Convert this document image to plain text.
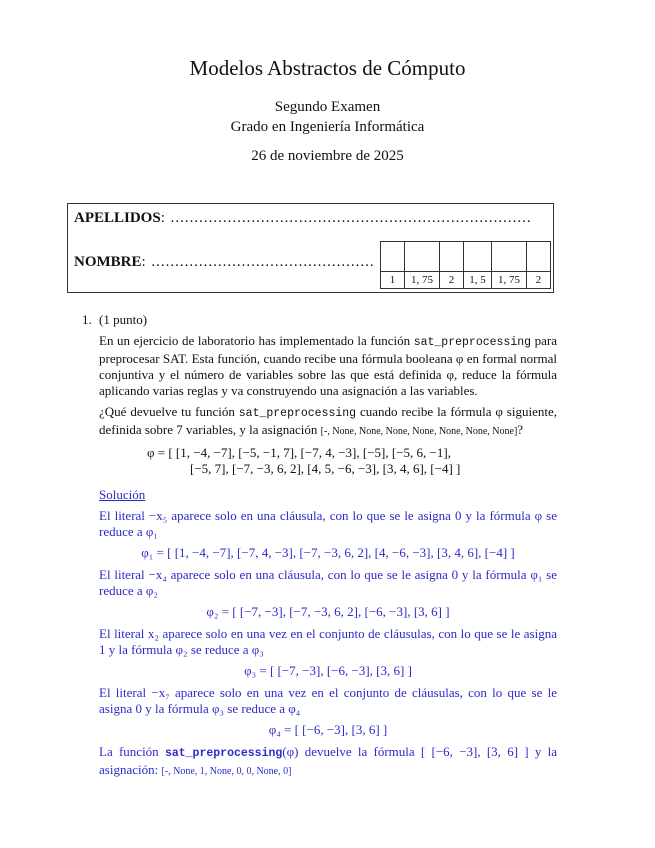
Modelos Abstractos de Cómputo
Segundo Examen
Grado en Ingeniería Informática
26 de noviembre de 2025
APELLIDOS: ............................................................................
NOMBRE: ...............................................

1	1, 75	2	1, 5	1, 75	2
1. (1 punto)

En un ejercicio de laboratorio has implementado la función sat_preprocessing para preprocesar SAT. Esta función, cuando recibe una fórmula booleana φ en formal normal conjuntiva y el número de variables sobre las que está definida φ, reduce la fórmula aplicando varias reglas y va construyendo una asignación a las variables.

¿Qué devuelve tu función sat_preprocessing cuando recibe la fórmula φ siguiente, definida sobre 7 variables, y la asignación [-, None, None, None, None, None, None, None]?

φ = [ [1, −4, −7], [−5, −1, 7], [−7, 4, −3], [−5], [−5, 6, −1],
[−5, 7], [−7, −3, 6, 2], [4, 5, −6, −3], [3, 4, 6], [−4] ]
Solución

El literal −x₅ aparece solo en una cláusula, con lo que se le asigna 0 y la fórmula φ se reduce a φ₁

φ₁ = [ [1, −4, −7], [−7, 4, −3], [−7, −3, 6, 2], [4, −6, −3], [3, 4, 6], [−4] ]

El literal −x₄ aparece solo en una cláusula, con lo que se le asigna 0 y la fórmula φ₁ se reduce a φ₂

φ₂ = [ [−7, −3], [−7, −3, 6, 2], [−6, −3], [3, 6] ]

El literal x₂ aparece solo en una vez en el conjunto de cláusulas, con lo que se le asigna 1 y la fórmula φ₂ se reduce a φ₃

φ₃ = [ [−7, −3], [−6, −3], [3, 6] ]

El literal −x₇ aparece solo en una vez en el conjunto de cláusulas, con lo que se le asigna 0 y la fórmula φ₃ se reduce a φ₄

φ₄ = [ [−6, −3], [3, 6] ]

La función sat_preprocessing(φ) devuelve la fórmula [ [−6, −3], [3, 6] ] y la asignación: [-, None, 1, None, 0, 0, None, 0]
